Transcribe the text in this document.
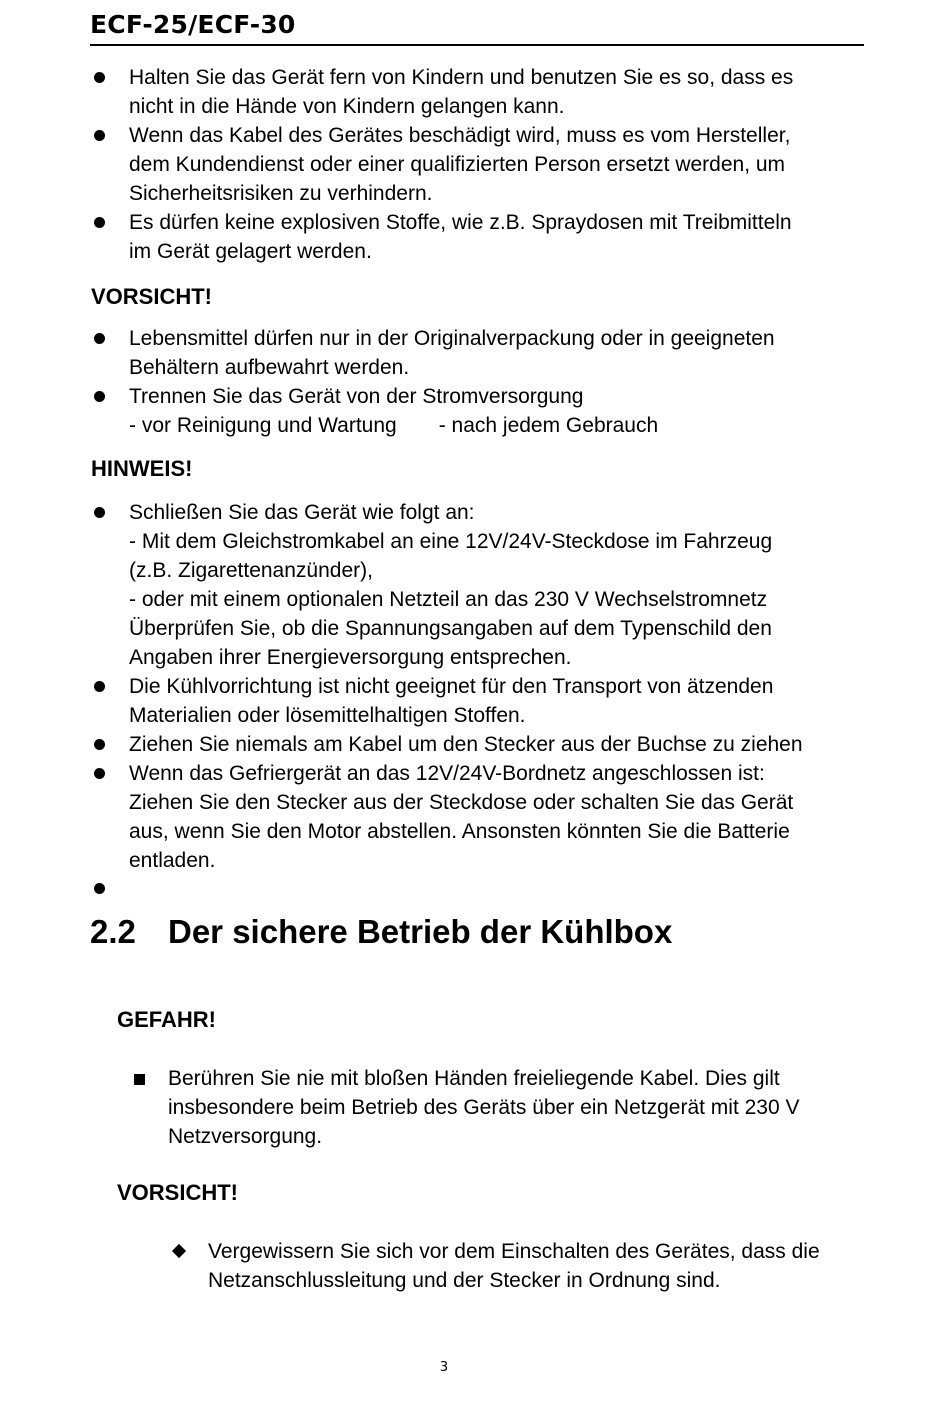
ECF-25/ECF-30
Halten Sie das Gerät fern von Kindern und benutzen Sie es so, dass es
nicht in die Hände von Kindern gelangen kann.
Wenn das Kabel des Gerätes beschädigt wird, muss es vom Hersteller,
dem Kundendienst oder einer qualifizierten Person ersetzt werden, um
Sicherheitsrisiken zu verhindern.
Es dürfen keine explosiven Stoffe, wie z.B. Spraydosen mit Treibmitteln
im Gerät gelagert werden.
VORSICHT!
Lebensmittel dürfen nur in der Originalverpackung oder in geeigneten
Behältern aufbewahrt werden.
Trennen Sie das Gerät von der Stromversorgung
- vor Reinigung und Wartung - nach jedem Gebrauch
HINWEIS!
Schließen Sie das Gerät wie folgt an:
- Mit dem Gleichstromkabel an eine 12V/24V-Steckdose im Fahrzeug
(z.B. Zigarettenanzünder),
- oder mit einem optionalen Netzteil an das 230 V Wechselstromnetz
Überprüfen Sie, ob die Spannungsangaben auf dem Typenschild den
Angaben ihrer Energieversorgung entsprechen.
Die Kühlvorrichtung ist nicht geeignet für den Transport von ätzenden
Materialien oder lösemittelhaltigen Stoffen.
Ziehen Sie niemals am Kabel um den Stecker aus der Buchse zu ziehen
Wenn das Gefriergerät an das 12V/24V-Bordnetz angeschlossen ist:
Ziehen Sie den Stecker aus der Steckdose oder schalten Sie das Gerät
aus, wenn Sie den Motor abstellen. Ansonsten könnten Sie die Batterie
entladen.
2.2 Der sichere Betrieb der Kühlbox
GEFAHR!
Berühren Sie nie mit bloßen Händen freieliegende Kabel. Dies gilt
insbesondere beim Betrieb des Geräts über ein Netzgerät mit 230 V
Netzversorgung.
VORSICHT!
Vergewissern Sie sich vor dem Einschalten des Gerätes, dass die
Netzanschlussleitung und der Stecker in Ordnung sind.
3
